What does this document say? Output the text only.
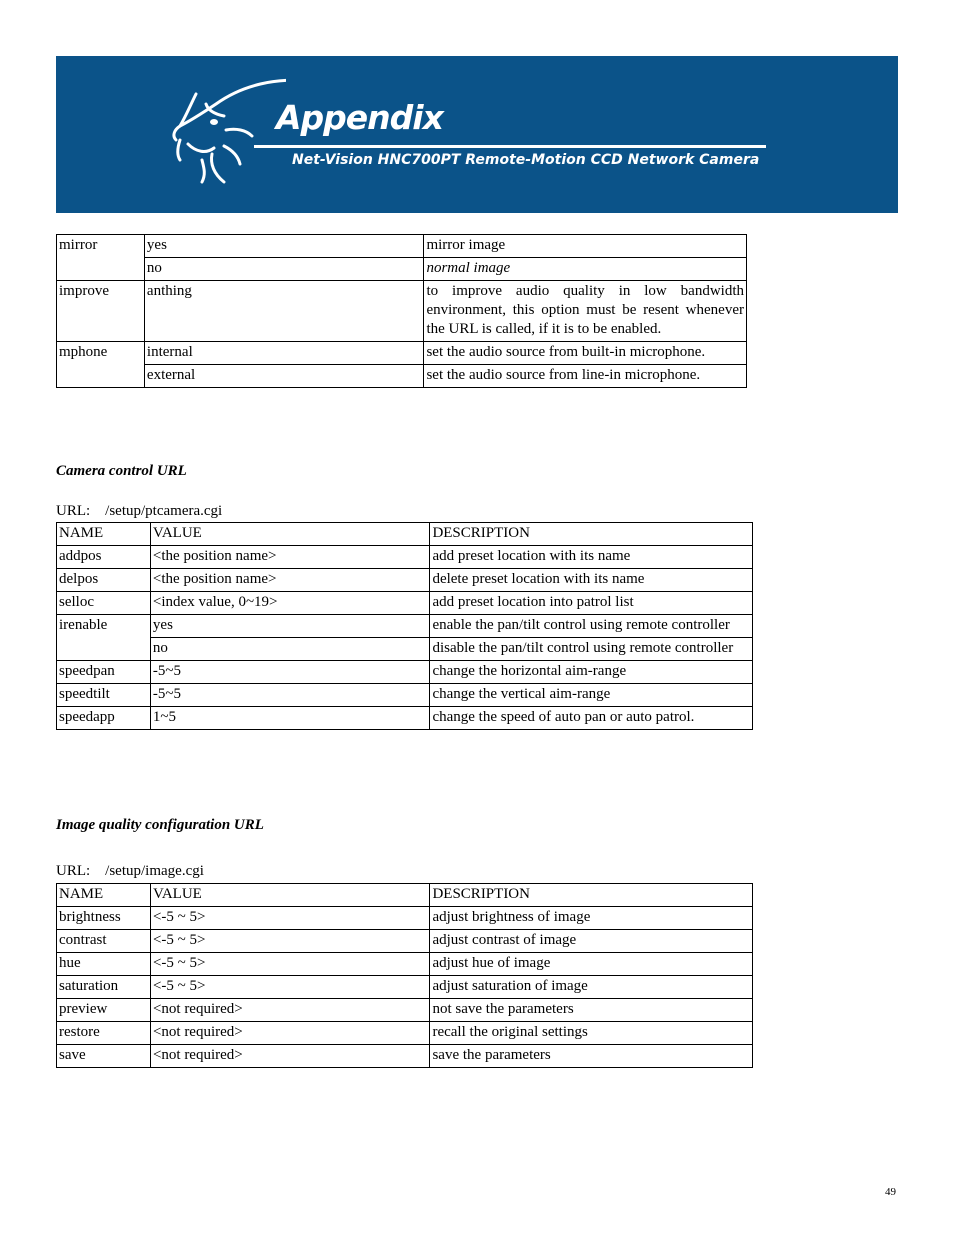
Appendix
Net-Vision HNC700PT Remote-Motion CCD Network Camera
mirror	yes	mirror image
	no	normal image
improve	anthing	to improve audio quality in low bandwidth environment, this option must be resent whenever the URL is called, if it is to be enabled.
mphone	internal	set the audio source from built-in microphone.
	external	set the audio source from line-in microphone.
Camera control URL
URL: /setup/ptcamera.cgi
NAME	VALUE	DESCRIPTION
addpos	<the position name>	add preset location with its name
delpos	<the position name>	delete preset location with its name
selloc	<index value, 0~19>	add preset location into patrol list
irenable	yes	enable the pan/tilt control using remote controller
	no	disable the pan/tilt control using remote controller
speedpan	-5~5	change the horizontal aim-range
speedtilt	-5~5	change the vertical aim-range
speedapp	1~5	change the speed of auto pan or auto patrol.
Image quality configuration URL
URL: /setup/image.cgi
NAME	VALUE	DESCRIPTION
brightness	<-5 ~ 5>	adjust brightness of image
contrast	<-5 ~ 5>	adjust contrast of image
hue	<-5 ~ 5>	adjust hue of image
saturation	<-5 ~ 5>	adjust saturation of image
preview	<not required>	not save the parameters
restore	<not required>	recall the original settings
save	<not required>	save the parameters
49
